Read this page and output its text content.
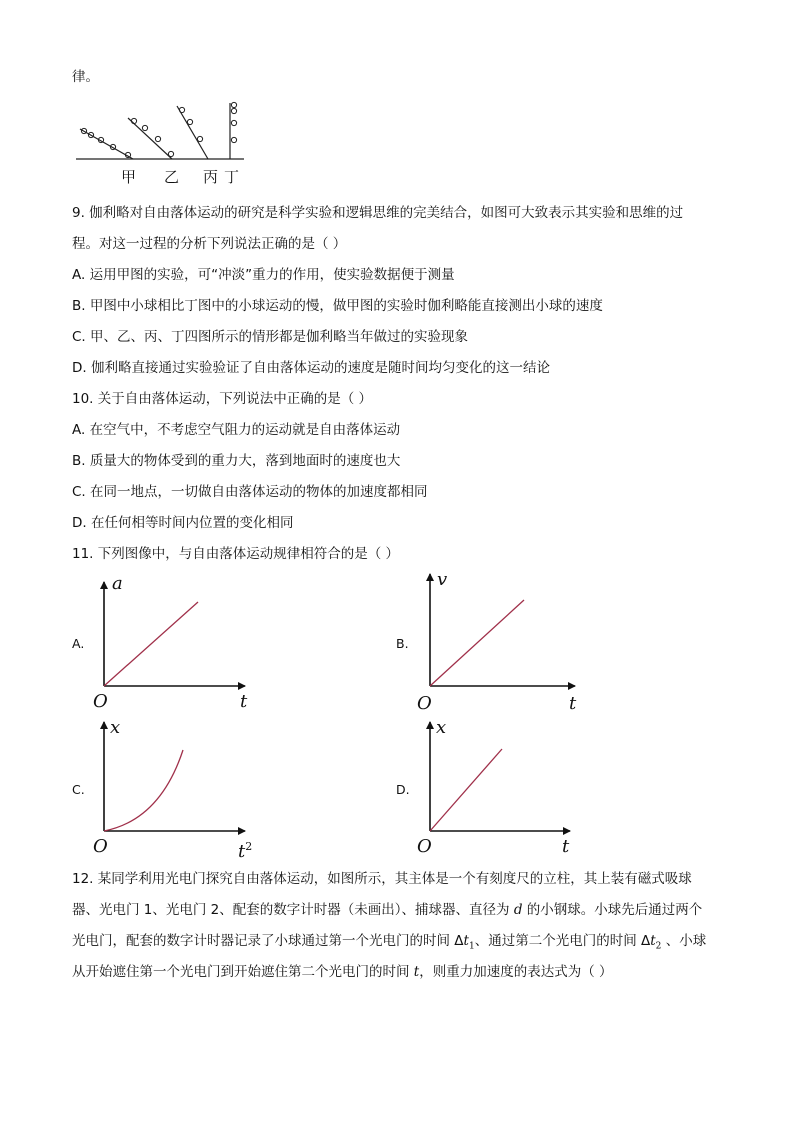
律。
甲 乙 丙 丁
9. 伽利略对自由落体运动的研究是科学实验和逻辑思维的完美结合，如图可大致表示其实验和思维的过
程。对这一过程的分析下列说法正确的是（ ）
A. 运用甲图的实验，可“冲淡”重力的作用，使实验数据便于测量
B. 甲图中小球相比丁图中的小球运动的慢，做甲图的实验时伽利略能直接测出小球的速度
C. 甲、乙、丙、丁四图所示的情形都是伽利略当年做过的实验现象
D. 伽利略直接通过实验验证了自由落体运动的速度是随时间均匀变化的这一结论
10. 关于自由落体运动，下列说法中正确的是（ ）
A. 在空气中，不考虑空气阻力的运动就是自由落体运动
B. 质量大的物体受到的重力大，落到地面时的速度也大
C. 在同一地点，一切做自由落体运动的物体的加速度都相同
D. 在任何相等时间内位置的变化相同
11. 下列图像中，与自由落体运动规律相符合的是（ ）
A.
a
t
O
B.
v
t
O
C.
x
$t^2$
O
D.
x
t
O
12. 某同学利用光电门探究自由落体运动，如图所示，其主体是一个有刻度尺的立柱，其上装有磁式吸球
器、光电门 1、光电门 2、配套的数字计时器（未画出）、捕球器、直径为 d 的小钢球。小球先后通过两个
光电门，配套的数字计时器记录了小球通过第一个光电门的时间 $\Delta t_1$、通过第二个光电门的时间 $\Delta t_2$ 、小球
从开始遮住第一个光电门到开始遮住第二个光电门的时间 t，则重力加速度的表达式为（ ）
